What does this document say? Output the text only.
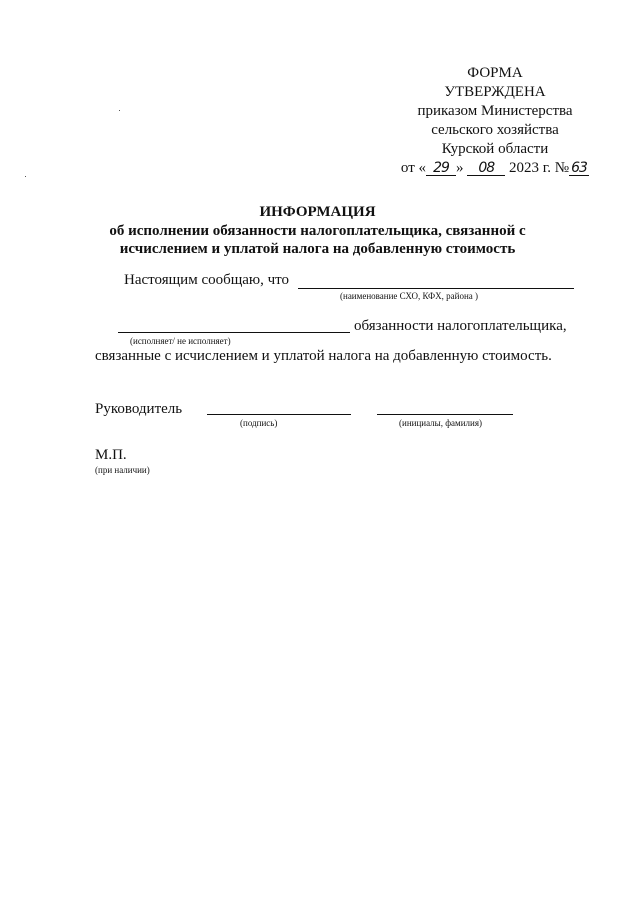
ФОРМА
УТВЕРЖДЕНА
приказом Министерства
сельского хозяйства
Курской области
от « 29 » 08 2023 г. № 63
ИНФОРМАЦИЯ
об исполнении обязанности налогоплательщика, связанной с
исчислением и уплатой налога на добавленную стоимость
Настоящим сообщаю, что
(наименование СХО, КФХ, района )
обязанности налогоплательщика,
(исполняет/ не исполняет)
связанные с исчислением и уплатой налога на добавленную стоимость.
Руководитель
(подпись)	(инициалы, фамилия)
М.П.
(при наличии)
